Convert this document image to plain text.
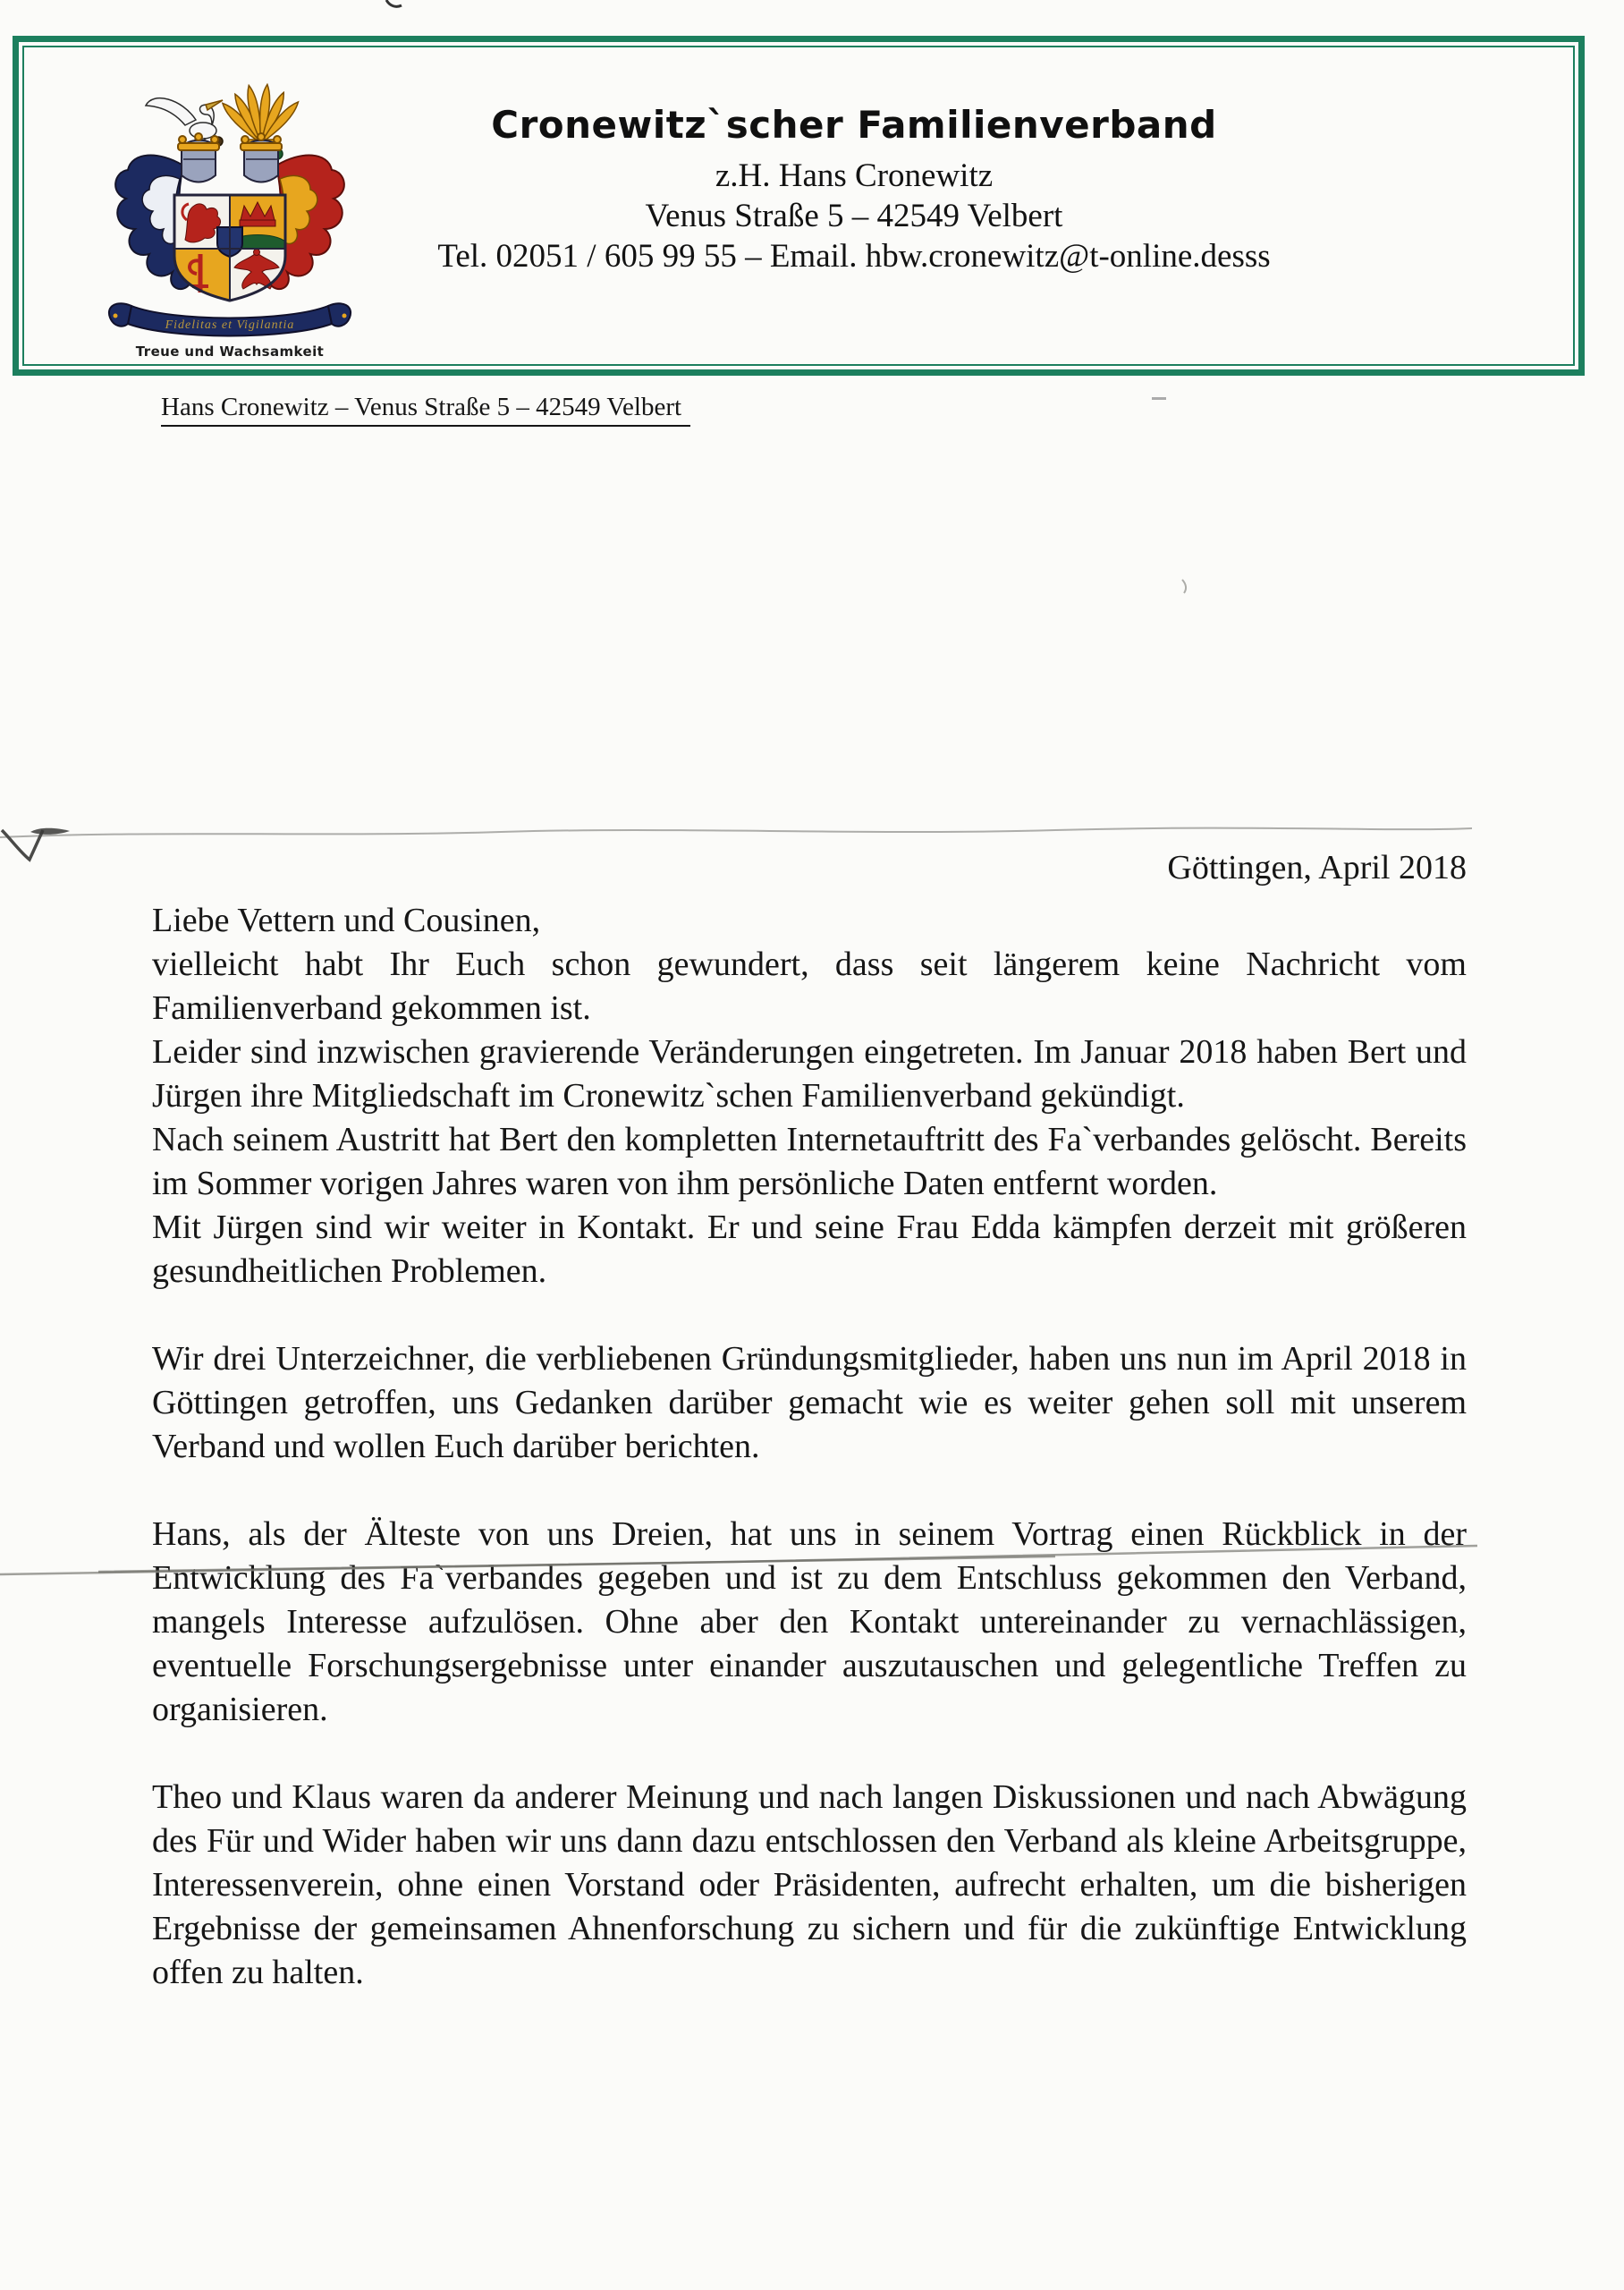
Fidelitas et Vigilantia
Treue und Wachsamkeit
Cronewitz`scher Familienverband

z.H. Hans Cronewitz

Venus Straße 5 – 42549 Velbert

Tel. 02051 / 605 99 55 – Email. hbw.cronewitz@t-online.desss

Hans Cronewitz – Venus Straße 5 – 42549 Velbert

Göttingen, April 2018

Liebe Vettern und Cousinen,

vielleicht habt Ihr Euch schon gewundert, dass seit längerem keine Nachricht vom Familienverband gekommen ist.

Leider sind inzwischen gravierende Veränderungen eingetreten. Im Januar 2018 haben Bert und Jürgen ihre Mitgliedschaft im Cronewitz`schen Familienverband gekündigt.

Nach seinem Austritt hat Bert den kompletten Internetauftritt des Fa`verbandes gelöscht. Bereits im Sommer vorigen Jahres waren von ihm persönliche Daten entfernt worden.

Mit Jürgen sind wir weiter in Kontakt. Er und seine Frau Edda kämpfen derzeit mit größeren gesundheitlichen Problemen.

Wir drei Unterzeichner, die verbliebenen Gründungsmitglieder, haben uns nun im April 2018 in Göttingen getroffen, uns Gedanken darüber gemacht wie es weiter gehen soll mit unserem Verband und wollen Euch darüber berichten.

Hans, als der Älteste von uns Dreien, hat uns in seinem Vortrag einen Rückblick in der Entwicklung des Fa`verbandes gegeben und ist zu dem Entschluss gekommen den Verband, mangels Interesse aufzulösen. Ohne aber den Kontakt untereinander zu vernachlässigen, eventuelle Forschungsergebnisse unter einander auszutauschen und gelegentliche Treffen zu organisieren.

Theo und Klaus waren da anderer Meinung und nach langen Diskussionen und nach Abwägung des Für und Wider haben wir uns dann dazu entschlossen den Verband als kleine Arbeitsgruppe, Interessenverein, ohne einen Vorstand oder Präsidenten, aufrecht erhalten, um die bisherigen Ergebnisse der gemeinsamen Ahnenforschung zu sichern und für die zukünftige Entwicklung offen zu halten.
